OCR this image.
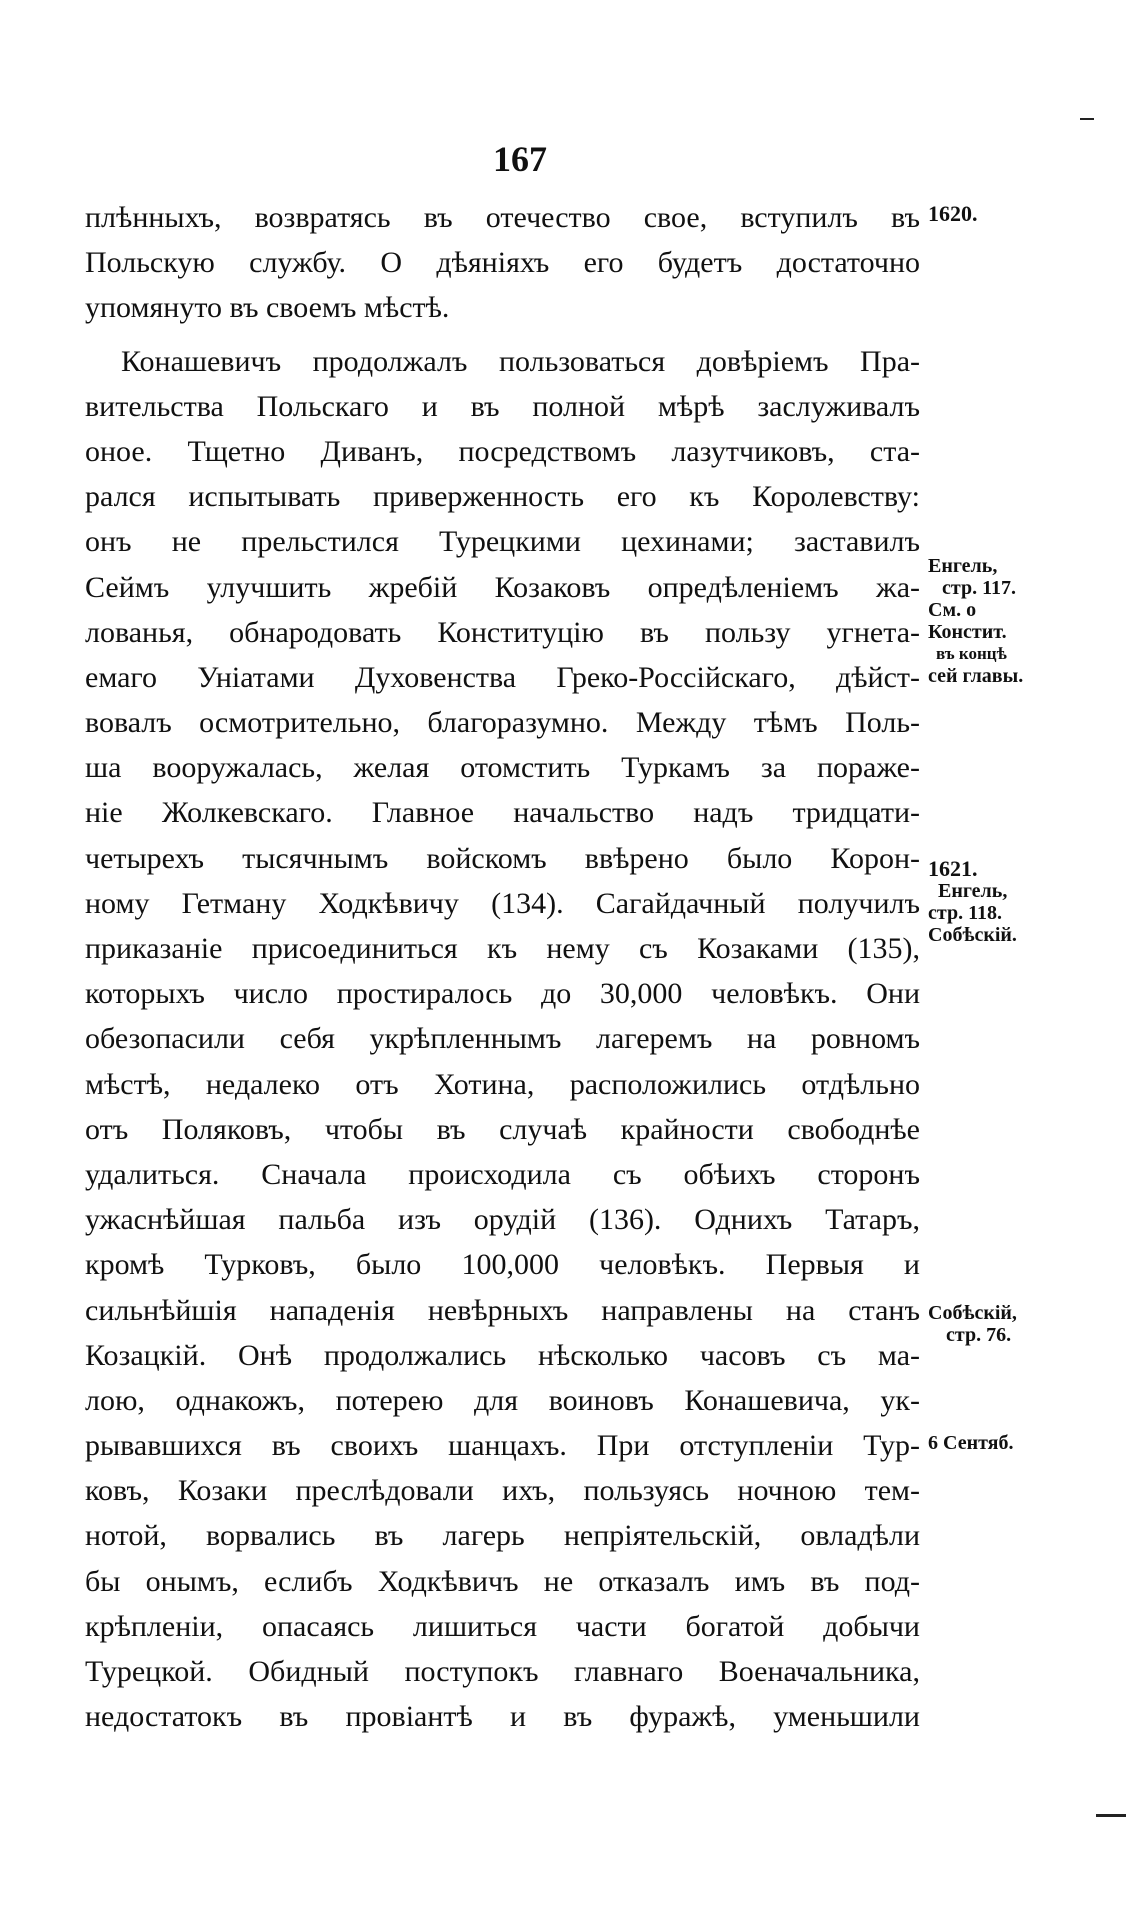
167
плѣнныхъ, возвратясь въ отечество свое, вступилъ въ
Польскую службу. О дѣяніяхъ его будетъ достаточно
упомянуто въ своемъ мѣстѣ.
Конашевичъ продолжалъ пользоваться довѣріемъ Пра-
вительства Польскаго и въ полной мѣрѣ заслуживалъ
оное. Тщетно Диванъ, посредствомъ лазутчиковъ, ста-
рался испытывать приверженность его къ Королевству:
онъ не прельстился Турецкими цехинами; заставилъ
Сеймъ улучшить жребій Козаковъ опредѣленіемъ жа-
лованья, обнародовать Конституцію въ пользу угнета-
емаго Уніатами Духовенства Греко-Россійскаго, дѣйст-
вовалъ осмотрительно, благоразумно. Между тѣмъ Поль-
ша вооружалась, желая отомстить Туркамъ за пораже-
ніе Жолкевскаго. Главное начальство надъ тридцати-
четырехъ тысячнымъ войскомъ ввѣрено было Корон-
ному Гетману Ходкѣвичу (134). Сагайдачный получилъ
приказаніе присоединиться къ нему съ Козаками (135),
которыхъ число простиралось до 30,000 человѣкъ. Они
обезопасили себя укрѣпленнымъ лагеремъ на ровномъ
мѣстѣ, недалеко отъ Хотина, расположились отдѣльно
отъ Поляковъ, чтобы въ случаѣ крайности свободнѣе
удалиться. Сначала происходила съ обѣихъ сторонъ
ужаснѣйшая пальба изъ орудій (136). Однихъ Татаръ,
кромѣ Турковъ, было 100,000 человѣкъ. Первыя и
сильнѣйшія нападенія невѣрныхъ направлены на станъ
Козацкій. Онѣ продолжались нѣсколько часовъ съ ма-
лою, однакожъ, потерею для воиновъ Конашевича, ук-
рывавшихся въ своихъ шанцахъ. При отступленіи Тур-
ковъ, Козаки преслѣдовали ихъ, пользуясь ночною тем-
нотой, ворвались въ лагерь непріятельскій, овладѣли
бы онымъ, еслибъ Ходкѣвичъ не отказалъ имъ въ под-
крѣпленіи, опасаясь лишиться части богатой добычи
Турецкой. Обидный поступокъ главнаго Военачальника,
недостатокъ въ провіантѣ и въ фуражѣ, уменьшили
1620.
Енгель,
стр. 117.
См. о
Констит.
въ концѣ
сей главы.
1621.
Енгель,
стр. 118.
Собѣскій.
Собѣскій,
стр. 76.
6 Сентяб.
